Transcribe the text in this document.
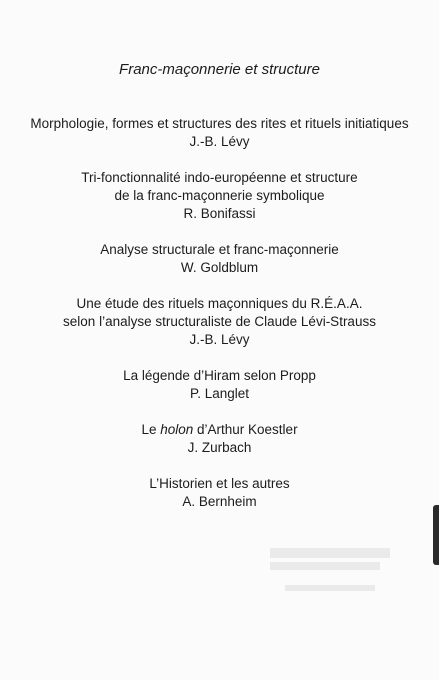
Franc-maçonnerie et structure
Morphologie, formes et structures des rites et rituels initiatiques
J.-B. Lévy
Tri-fonctionnalité indo-européenne et structure
de la franc-maçonnerie symbolique
R. Bonifassi
Analyse structurale et franc-maçonnerie
W. Goldblum
Une étude des rituels maçonniques du R.É.A.A.
selon l’analyse structuraliste de Claude Lévi-Strauss
J.-B. Lévy
La légende d’Hiram selon Propp
P. Langlet
Le holon d’Arthur Koestler
J. Zurbach
L’Historien et les autres
A. Bernheim
